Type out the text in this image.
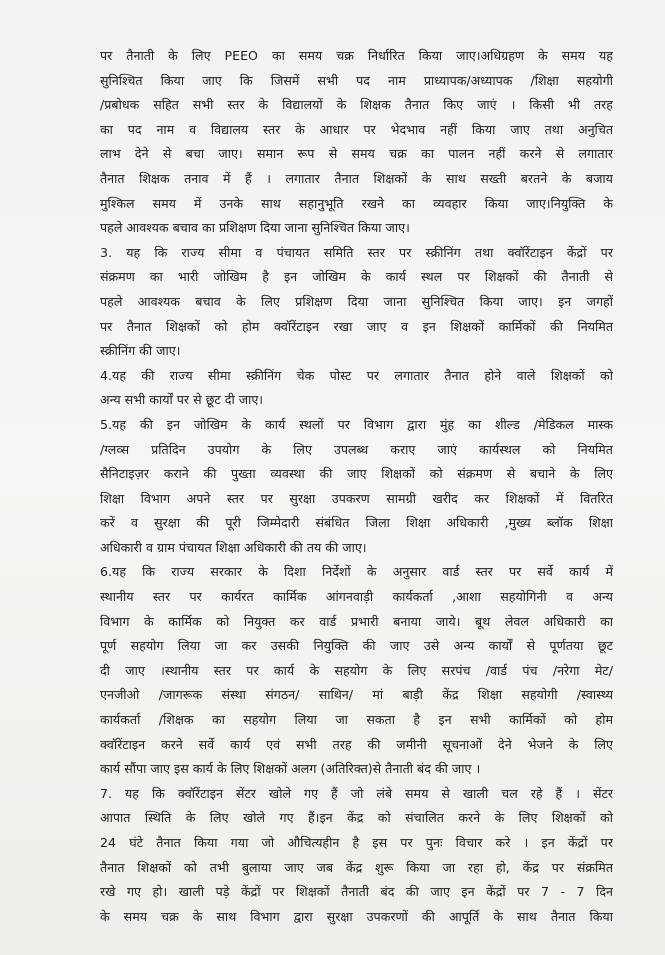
पर तैनाती के लिए PEEO का समय चक्र निर्धारित किया जाए।अधिग्रहण के समय यह
सुनिश्चित किया जाए कि जिसमें सभी पद नाम प्राध्यापक/अध्यापक /शिक्षा सहयोगी
/प्रबोधक सहित सभी स्तर के विद्यालयों के शिक्षक तैनात किए जाएं । किसी भी तरह
का पद नाम व विद्यालय स्तर के आधार पर भेदभाव नहीं किया जाए तथा अनुचित
लाभ देने से बचा जाए। समान रूप से समय चक्र का पालन नहीं करने से लगातार
तैनात शिक्षक तनाव में हैं । लगातार तैनात शिक्षकों के साथ सख्ती बरतने के बजाय
मुश्किल समय में उनके साथ सहानुभूति रखने का व्यवहार किया जाए।नियुक्ति के
पहले आवश्यक बचाव का प्रशिक्षण दिया जाना सुनिश्चित किया जाए।
3. यह कि राज्य सीमा व पंचायत समिति स्तर पर स्क्रीनिंग तथा क्वॉरेंटाइन केंद्रों पर
संक्रमण का भारी जोखिम है इन जोखिम के कार्य स्थल पर शिक्षकों की तैनाती से
पहले आवश्यक बचाव के लिए प्रशिक्षण दिया जाना सुनिश्चित किया जाए। इन जगहों
पर तैनात शिक्षकों को होम क्वॉरेंटाइन रखा जाए व इन शिक्षकों कार्मिकों की नियमित
स्क्रीनिंग की जाए।
4.यह की राज्य सीमा स्क्रीनिंग चेक पोस्ट पर लगातार तैनात होने वाले शिक्षकों को
अन्य सभी कार्यों पर से छूट दी जाए।
5.यह की इन जोखिम के कार्य स्थलों पर विभाग द्वारा मुंह का शील्ड /मेडिकल मास्क
/ग्लव्स प्रतिदिन उपयोग के लिए उपलब्ध कराए जाएं कार्यस्थल को नियमित
सैनिटाइज़र कराने की पुख्ता व्यवस्था की जाए शिक्षकों को संक्रमण से बचाने के लिए
शिक्षा विभाग अपने स्तर पर सुरक्षा उपकरण सामग्री खरीद कर शिक्षकों में वितरित
करें व सुरक्षा की पूरी जिम्मेदारी संबंधित जिला शिक्षा अधिकारी ,मुख्य ब्लॉक शिक्षा
अधिकारी व ग्राम पंचायत शिक्षा अधिकारी की तय की जाए।
6.यह कि राज्य सरकार के दिशा निर्देशों के अनुसार वार्ड स्तर पर सर्वे कार्य में
स्थानीय स्तर पर कार्यरत कार्मिक आंगनवाड़ी कार्यकर्ता ,आशा सहयोगिनी व अन्य
विभाग के कार्मिक को नियुक्त कर वार्ड प्रभारी बनाया जाये। बूथ लेवल अधिकारी का
पूर्ण सहयोग लिया जा कर उसकी नियुक्ति की जाए उसे अन्य कार्यों से पूर्णतया छूट
दी जाए ।स्थानीय स्तर पर कार्य के सहयोग के लिए सरपंच /वार्ड पंच /नरेगा मेट/
एनजीओ /जागरूक संस्था संगठन/ साथिन/ मां बाड़ी केंद्र शिक्षा सहयोगी /स्वास्थ्य
कार्यकर्ता /शिक्षक का सहयोग लिया जा सकता है इन सभी कार्मिकों को होम
क्वॉरेंटाइन करने सर्वे कार्य एवं सभी तरह की जमीनी सूचनाओं देने भेजने के लिए
कार्य सौंपा जाए इस कार्य के लिए शिक्षकों अलग (अतिरिक्त)से तैनाती बंद की जाए ।
7. यह कि क्वॉरेंटाइन सेंटर खोले गए हैं जो लंबे समय से खाली चल रहे हैं । सेंटर
आपात स्थिति के लिए खोले गए हैं।इन केंद्र को संचालित करने के लिए शिक्षकों को
24 घंटे तैनात किया गया जो औचित्यहीन है इस पर पुनः विचार करे । इन केंद्रों पर
तैनात शिक्षकों को तभी बुलाया जाए जब केंद्र शुरू किया जा रहा हो, केंद्र पर संक्रमित
रखे गए हो। खाली पड़े केंद्रों पर शिक्षकों तैनाती बंद की जाए इन केंद्रों पर 7 - 7 दिन
के समय चक्र के साथ विभाग द्वारा सुरक्षा उपकरणों की आपूर्ति के साथ तैनात किया
